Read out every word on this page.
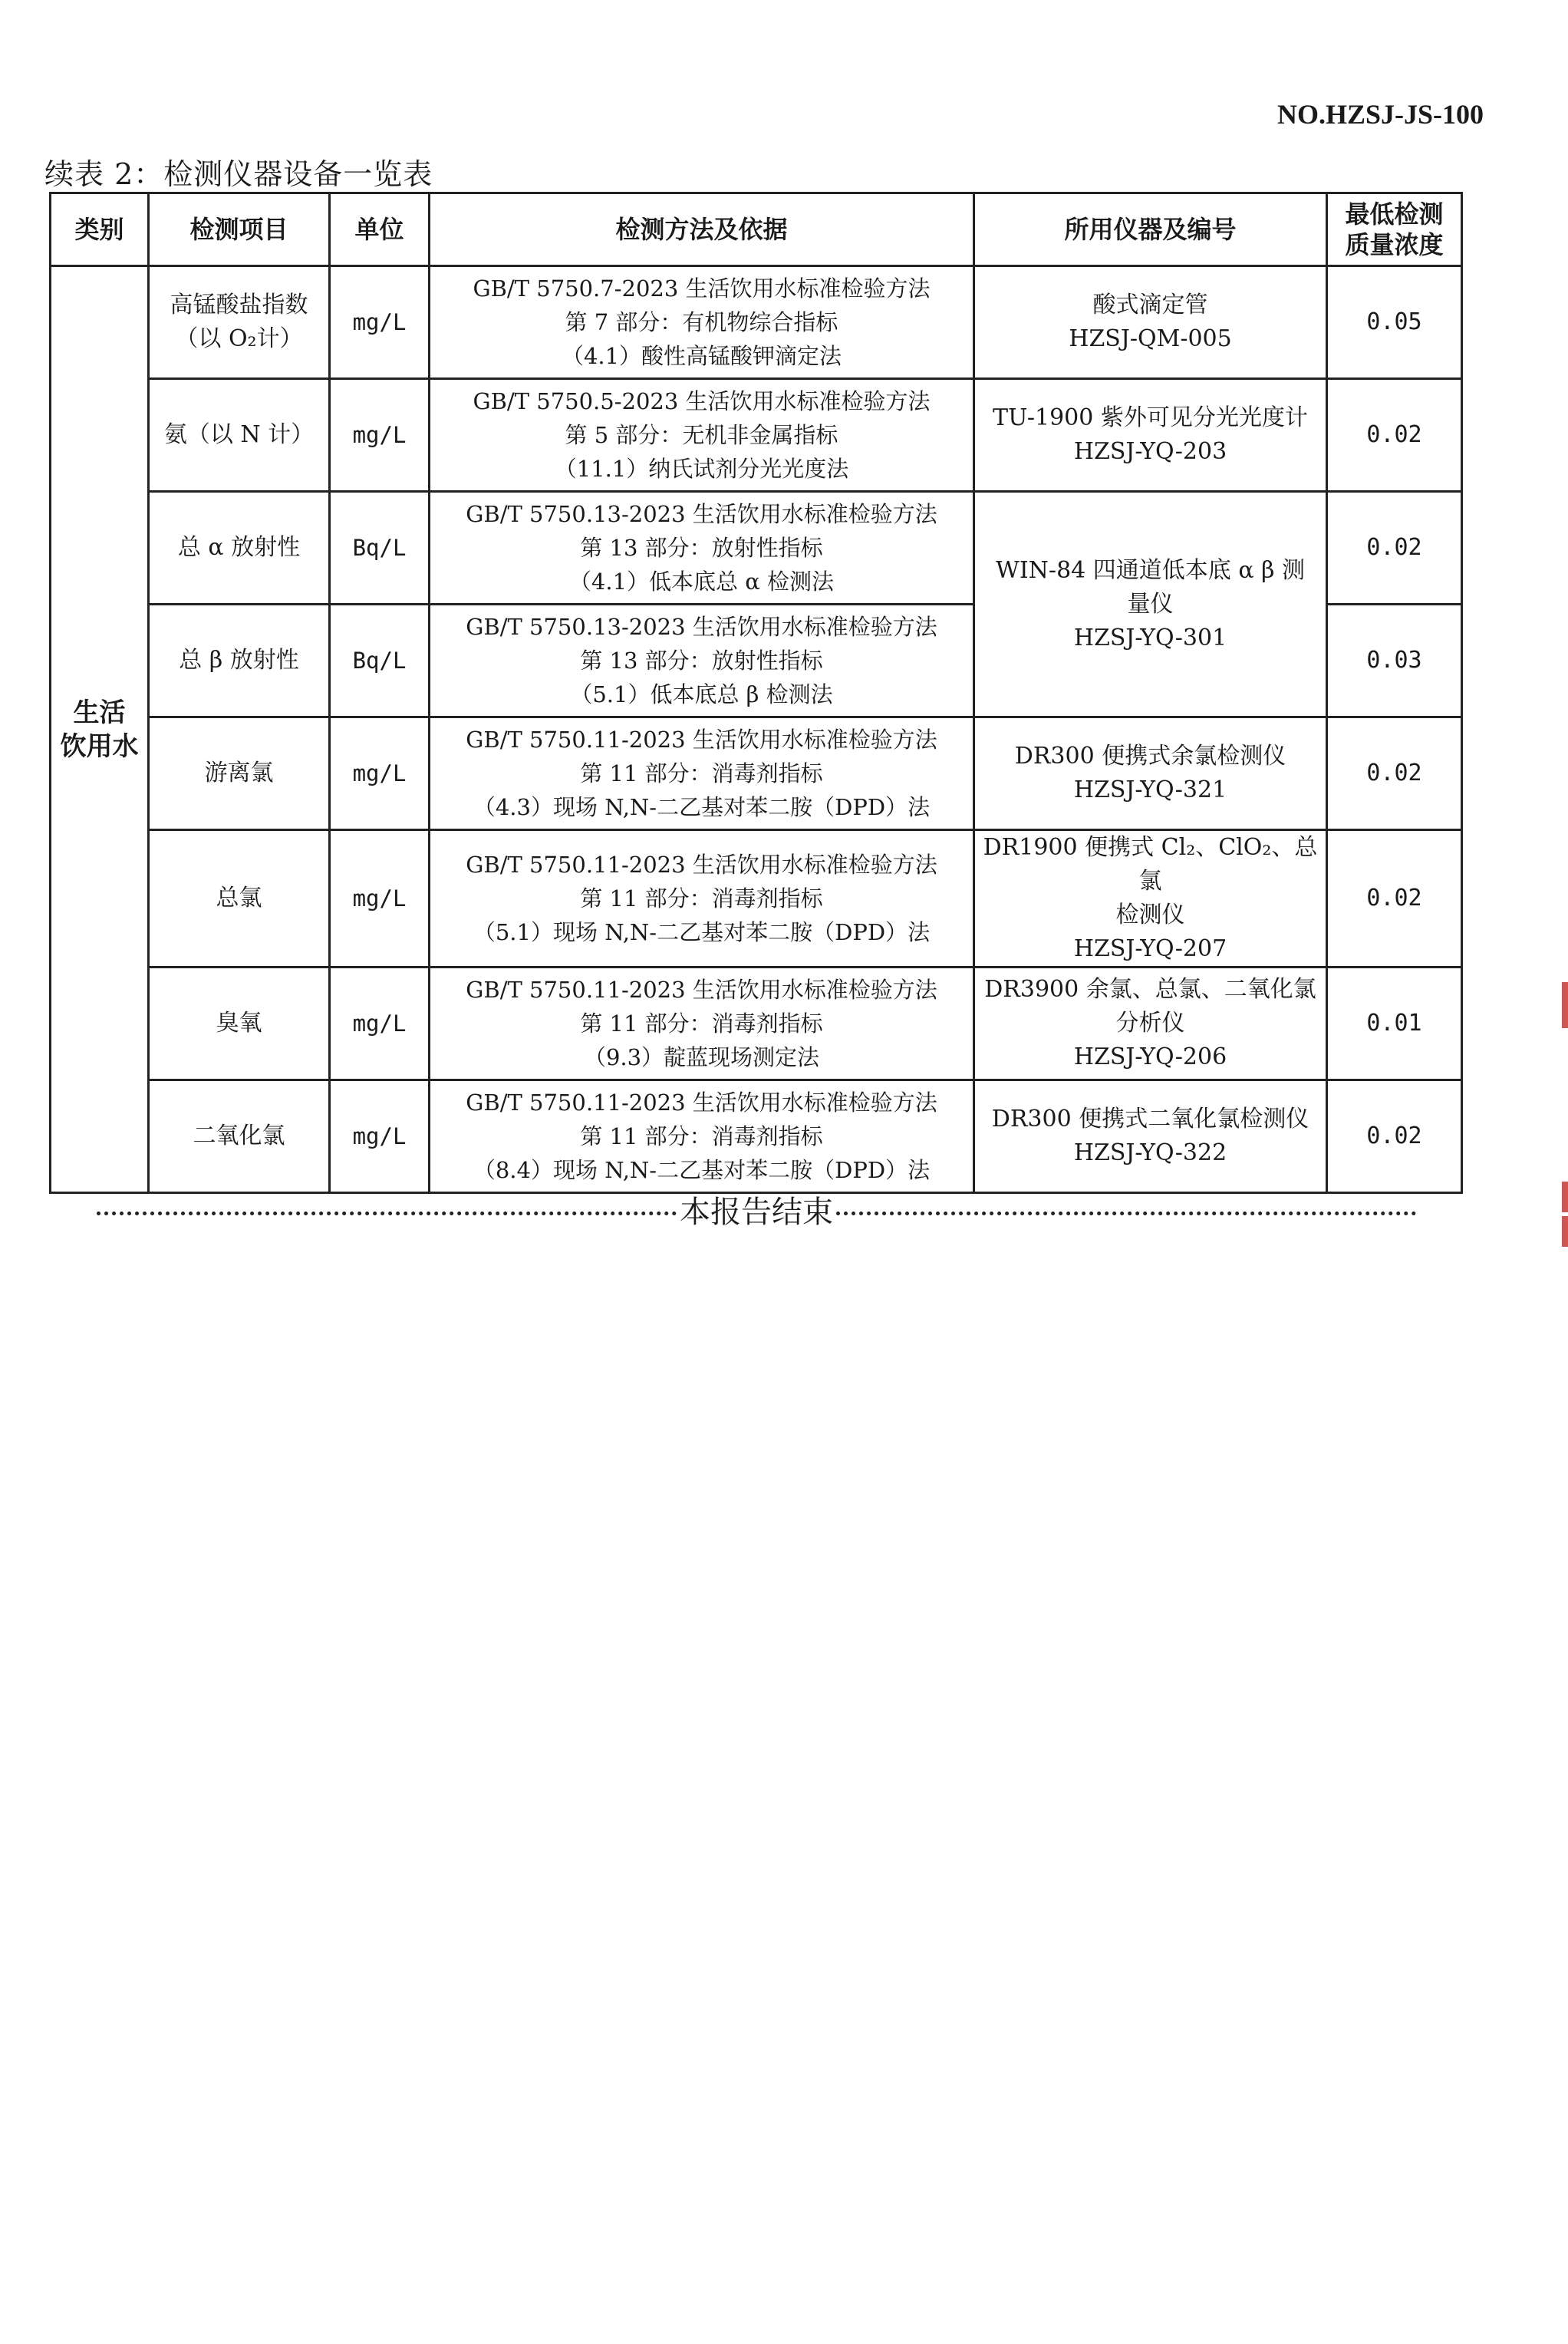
NO.HZSJ-JS-100
续表 2：检测仪器设备一览表
类别	检测项目	单位	检测方法及依据	所用仪器及编号	最低检测
质量浓度

生活
饮用水	高锰酸盐指数
（以 O₂计）	mg/L	GB/T 5750.7-2023 生活饮用水标准检验方法
第 7 部分：有机物综合指标
（4.1）酸性高锰酸钾滴定法	酸式滴定管
HZSJ-QM-005	0.05

	氨（以 N 计）	mg/L	GB/T 5750.5-2023 生活饮用水标准检验方法
第 5 部分：无机非金属指标
（11.1）纳氏试剂分光光度法	TU-1900 紫外可见分光光度计
HZSJ-YQ-203	0.02

	总 α 放射性	Bq/L	GB/T 5750.13-2023 生活饮用水标准检验方法
第 13 部分：放射性指标
（4.1）低本底总 α 检测法	WIN-84 四通道低本底 α β 测
量仪
HZSJ-YQ-301	0.02

	总 β 放射性	Bq/L	GB/T 5750.13-2023 生活饮用水标准检验方法
第 13 部分：放射性指标
（5.1）低本底总 β 检测法		0.03

	游离氯	mg/L	GB/T 5750.11-2023 生活饮用水标准检验方法
第 11 部分：消毒剂指标
（4.3）现场 N,N-二乙基对苯二胺（DPD）法	DR300 便携式余氯检测仪
HZSJ-YQ-321	0.02

	总氯	mg/L	GB/T 5750.11-2023 生活饮用水标准检验方法
第 11 部分：消毒剂指标
（5.1）现场 N,N-二乙基对苯二胺（DPD）法	DR1900 便携式 Cl₂、ClO₂、总氯
检测仪
HZSJ-YQ-207	0.02

	臭氧	mg/L	GB/T 5750.11-2023 生活饮用水标准检验方法
第 11 部分：消毒剂指标
（9.3）靛蓝现场测定法	DR3900 余氯、总氯、二氧化氯
分析仪
HZSJ-YQ-206	0.01

	二氧化氯	mg/L	GB/T 5750.11-2023 生活饮用水标准检验方法
第 11 部分：消毒剂指标
（8.4）现场 N,N-二乙基对苯二胺（DPD）法	DR300 便携式二氧化氯检测仪
HZSJ-YQ-322	0.02
本报告结束
